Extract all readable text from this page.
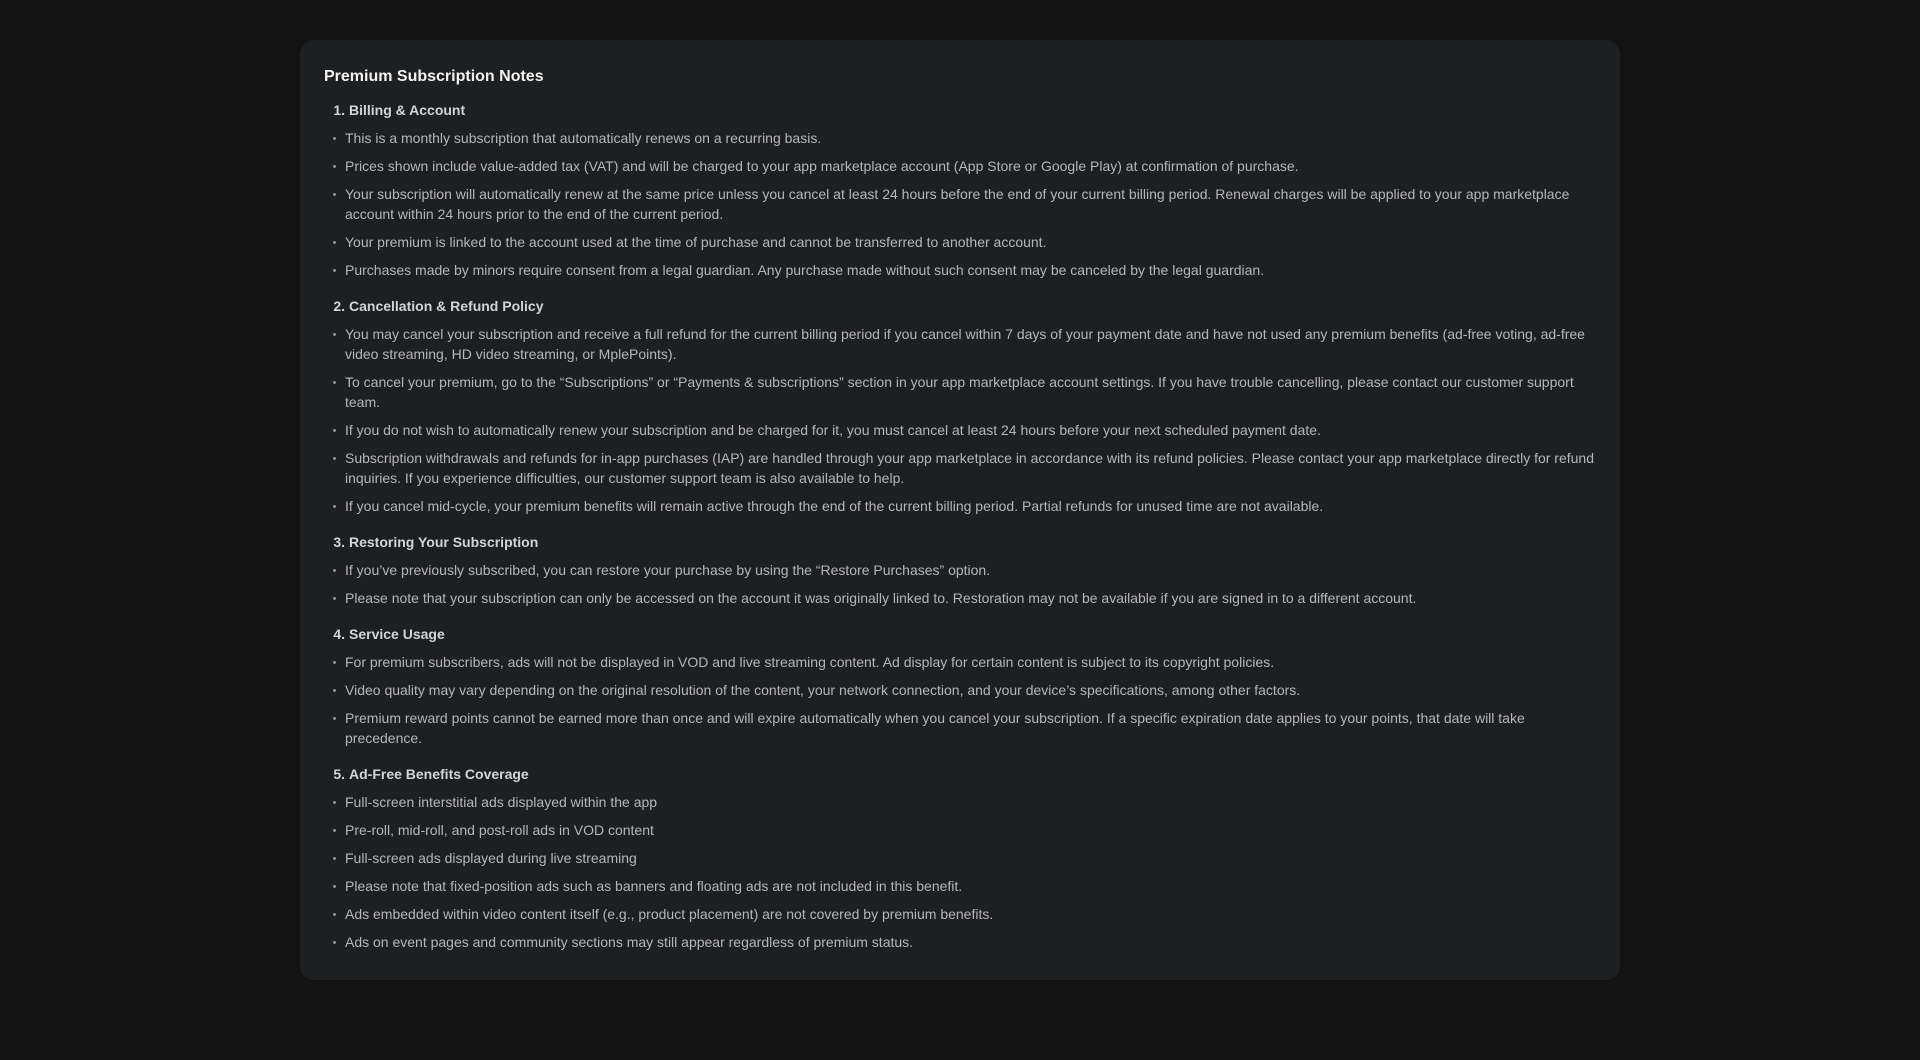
Premium Subscription Notes
1. Billing & Account
This is a monthly subscription that automatically renews on a recurring basis.
Prices shown include value-added tax (VAT) and will be charged to your app marketplace account (App Store or Google Play) at confirmation of purchase.
Your subscription will automatically renew at the same price unless you cancel at least 24 hours before the end of your current billing period. Renewal charges will be applied to your app marketplace account within 24 hours prior to the end of the current period.
Your premium is linked to the account used at the time of purchase and cannot be transferred to another account.
Purchases made by minors require consent from a legal guardian. Any purchase made without such consent may be canceled by the legal guardian.
2. Cancellation & Refund Policy
You may cancel your subscription and receive a full refund for the current billing period if you cancel within 7 days of your payment date and have not used any premium benefits (ad-free voting, ad-free video streaming, HD video streaming, or MplePoints).
To cancel your premium, go to the “Subscriptions” or “Payments & subscriptions” section in your app marketplace account settings. If you have trouble cancelling, please contact our customer support team.
If you do not wish to automatically renew your subscription and be charged for it, you must cancel at least 24 hours before your next scheduled payment date.
Subscription withdrawals and refunds for in-app purchases (IAP) are handled through your app marketplace in accordance with its refund policies. Please contact your app marketplace directly for refund inquiries. If you experience difficulties, our customer support team is also available to help.
If you cancel mid-cycle, your premium benefits will remain active through the end of the current billing period. Partial refunds for unused time are not available.
3. Restoring Your Subscription
If you’ve previously subscribed, you can restore your purchase by using the “Restore Purchases” option.
Please note that your subscription can only be accessed on the account it was originally linked to. Restoration may not be available if you are signed in to a different account.
4. Service Usage
For premium subscribers, ads will not be displayed in VOD and live streaming content. Ad display for certain content is subject to its copyright policies.
Video quality may vary depending on the original resolution of the content, your network connection, and your device’s specifications, among other factors.
Premium reward points cannot be earned more than once and will expire automatically when you cancel your subscription. If a specific expiration date applies to your points, that date will take precedence.
5. Ad-Free Benefits Coverage
Full-screen interstitial ads displayed within the app
Pre-roll, mid-roll, and post-roll ads in VOD content
Full-screen ads displayed during live streaming
Please note that fixed-position ads such as banners and floating ads are not included in this benefit.
Ads embedded within video content itself (e.g., product placement) are not covered by premium benefits.
Ads on event pages and community sections may still appear regardless of premium status.
